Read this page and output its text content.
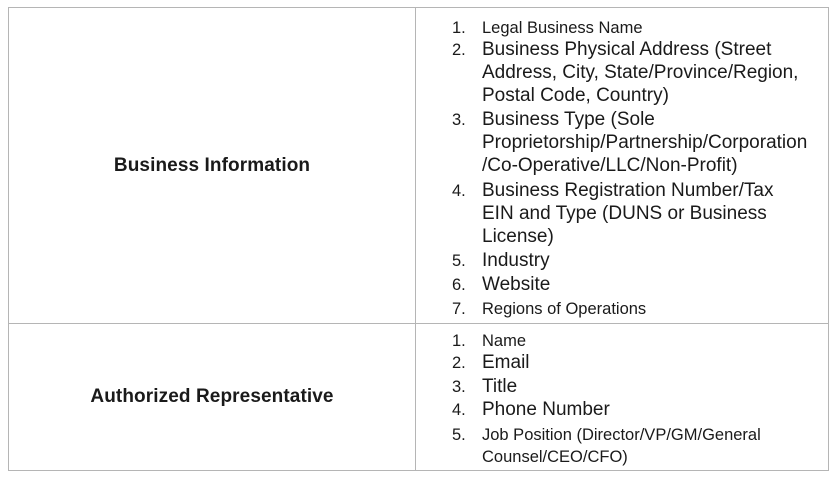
Business Information
1. Legal Business Name
2. Business Physical Address (Street
Address, City, State/Province/Region,
Postal Code, Country)
3. Business Type (Sole
Proprietorship/Partnership/Corporation
/Co-Operative/LLC/Non-Profit)
4. Business Registration Number/Tax
EIN and Type (DUNS or Business
License)
5. Industry
6. Website
7. Regions of Operations
Authorized Representative
1. Name
2. Email
3. Title
4. Phone Number
5. Job Position (Director/VP/GM/General
Counsel/CEO/CFO)
